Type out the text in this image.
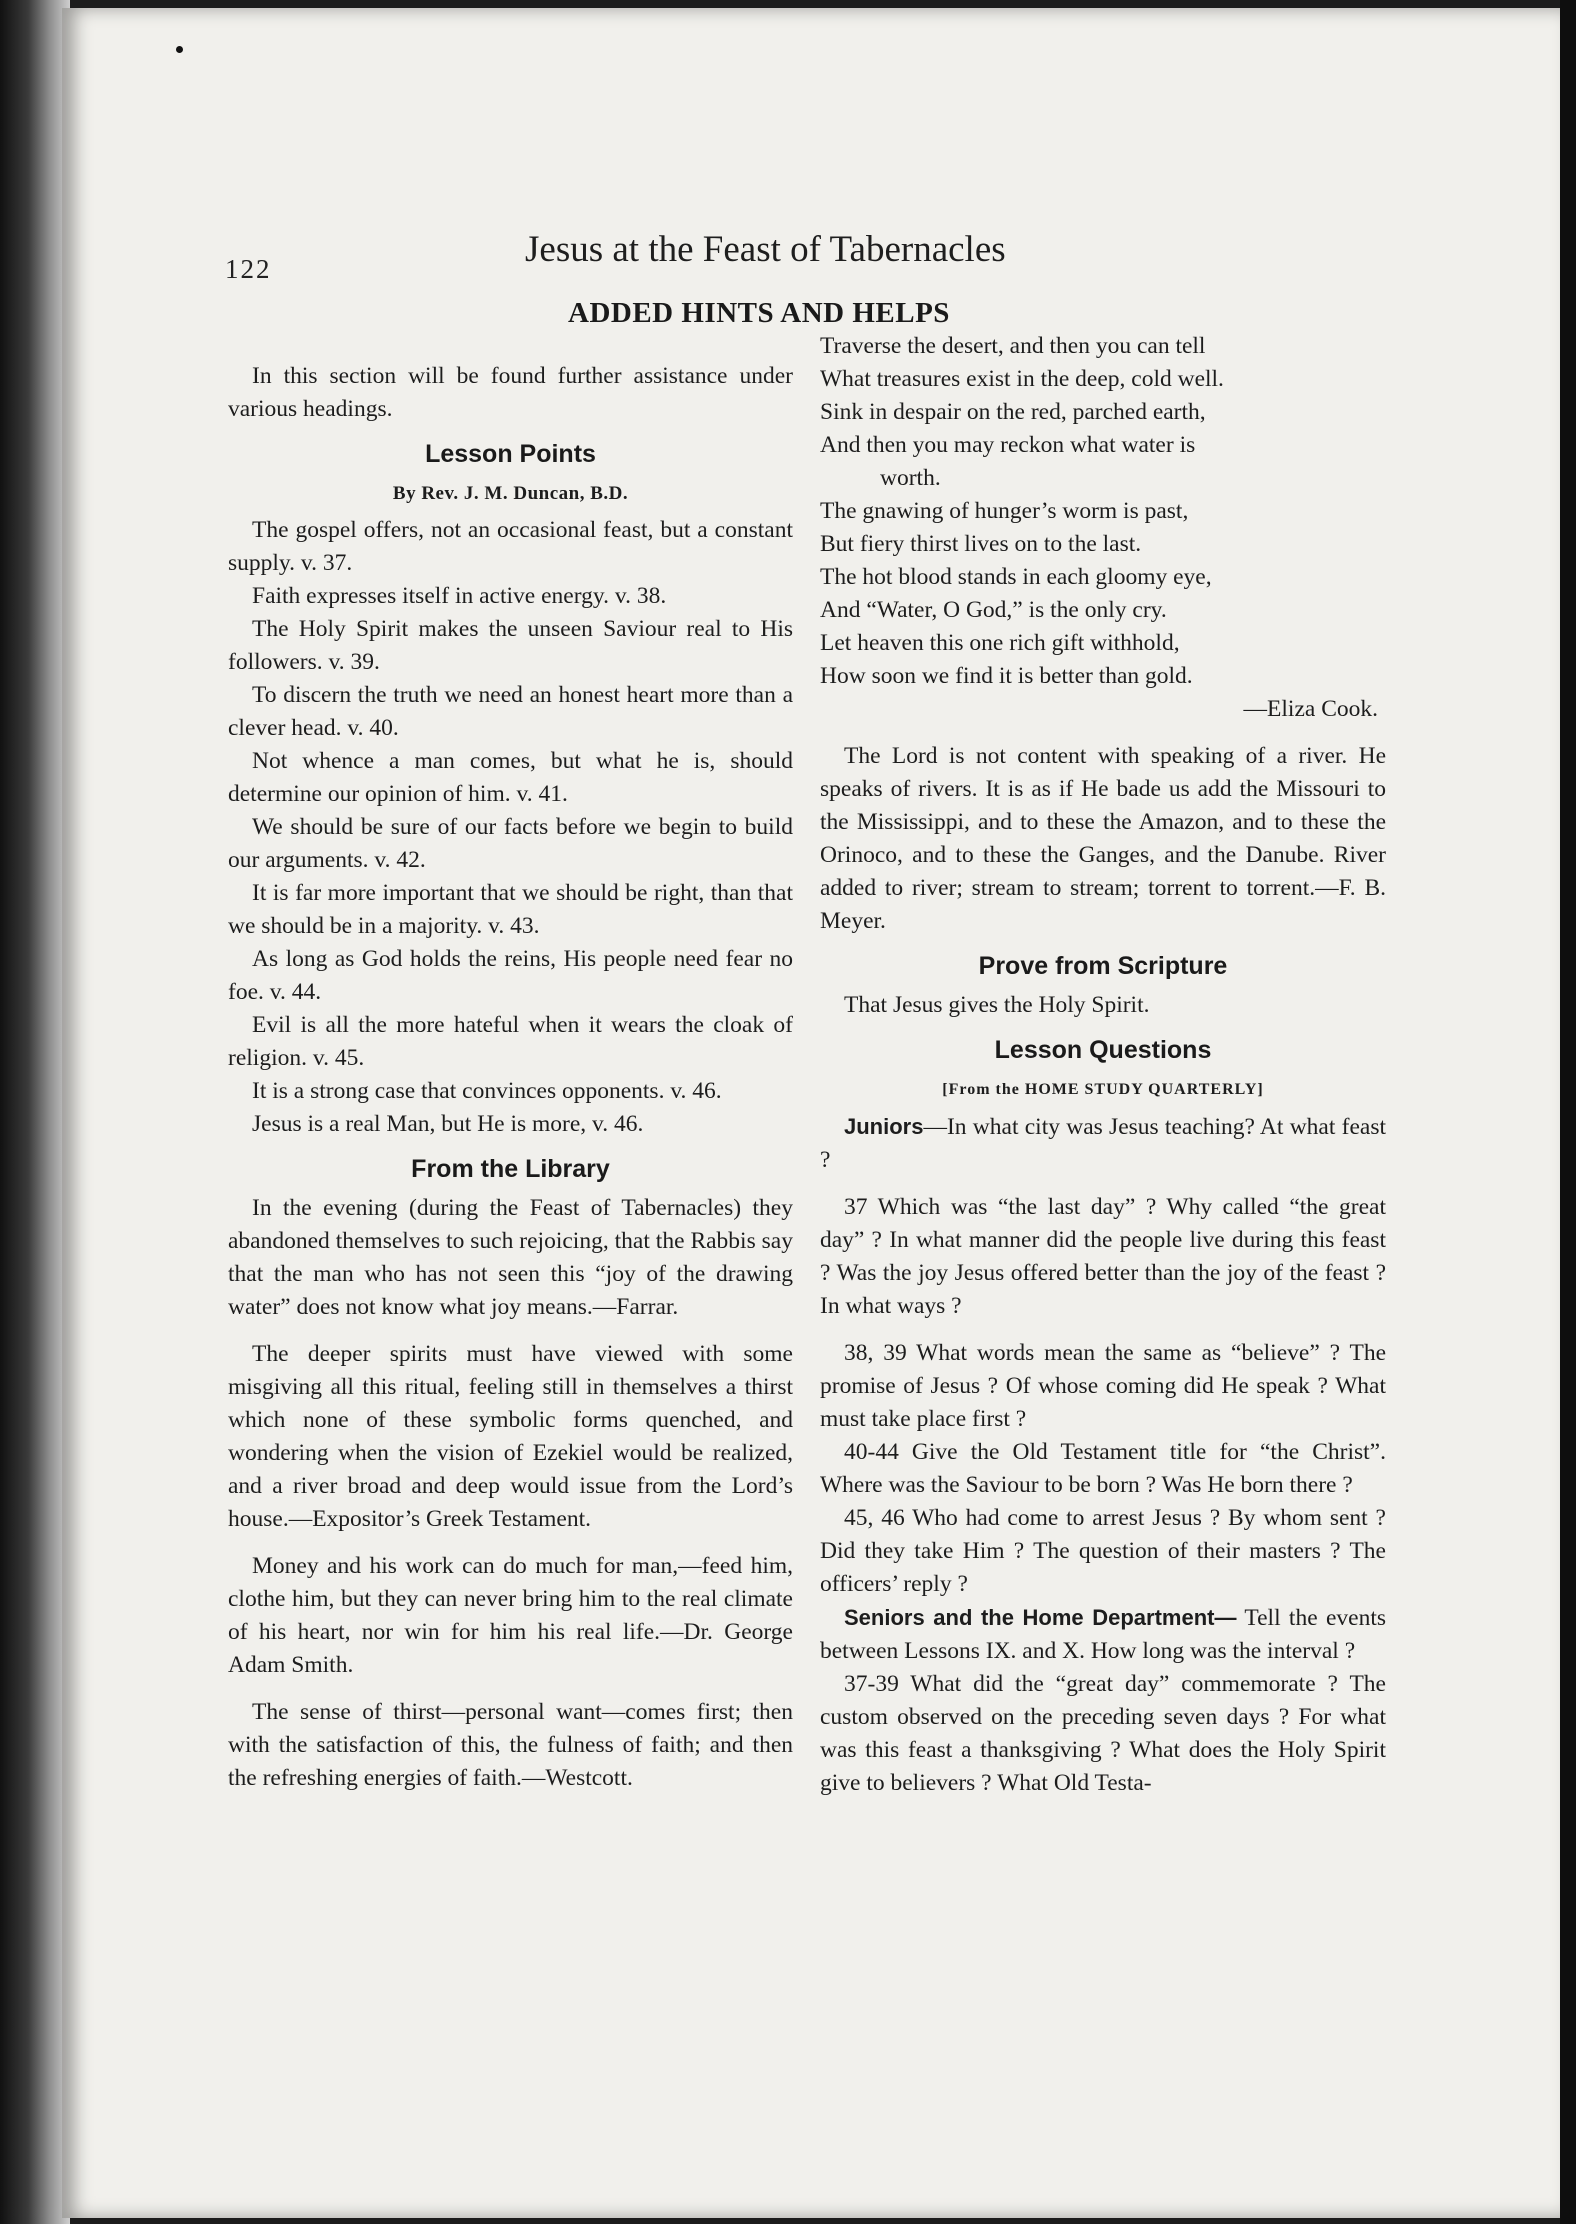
122	Jesus at the Feast of Tabernacles
ADDED HINTS AND HELPS

In this section will be found further assistance under various headings.

Lesson Points
By Rev. J. M. Duncan, B.D.

The gospel offers, not an occasional feast, but a constant supply. v. 37.

Faith expresses itself in active energy. v. 38.

The Holy Spirit makes the unseen Saviour real to His followers. v. 39.

To discern the truth we need an honest heart more than a clever head. v. 40.

Not whence a man comes, but what he is, should determine our opinion of him. v. 41.

We should be sure of our facts before we begin to build our arguments. v. 42.

It is far more important that we should be right, than that we should be in a majority. v. 43.

As long as God holds the reins, His people need fear no foe. v. 44.

Evil is all the more hateful when it wears the cloak of religion. v. 45.

It is a strong case that convinces opponents. v. 46.

Jesus is a real Man, but He is more, v. 46.

From the Library

In the evening (during the Feast of Tabernacles) they abandoned themselves to such rejoicing, that the Rabbis say that the man who has not seen this “joy of the drawing water” does not know what joy means.—Farrar.

The deeper spirits must have viewed with some misgiving all this ritual, feeling still in themselves a thirst which none of these symbolic forms quenched, and wondering when the vision of Ezekiel would be realized, and a river broad and deep would issue from the Lord’s house.—Expositor’s Greek Testament.

Money and his work can do much for man,—feed him, clothe him, but they can never bring him to the real climate of his heart, nor win for him his real life.—Dr. George Adam Smith.

The sense of thirst—personal want—comes first; then with the satisfaction of this, the fulness of faith; and then the refreshing energies of faith.—Westcott.

Traverse the desert, and then you can tell
What treasures exist in the deep, cold well.
Sink in despair on the red, parched earth,
And then you may reckon what water is
worth.
The gnawing of hunger’s worm is past,
But fiery thirst lives on to the last.
The hot blood stands in each gloomy eye,
And “Water, O God,” is the only cry.
Let heaven this one rich gift withhold,
How soon we find it is better than gold.
—Eliza Cook.

The Lord is not content with speaking of a river. He speaks of rivers. It is as if He bade us add the Missouri to the Mississippi, and to these the Amazon, and to these the Orinoco, and to these the Ganges, and the Danube. River added to river; stream to stream; torrent to torrent.—F. B. Meyer.

Prove from Scripture

That Jesus gives the Holy Spirit.

Lesson Questions
[From the HOME STUDY QUARTERLY]

Juniors—In what city was Jesus teaching? At what feast ?

37 Which was “the last day” ? Why called “the great day” ? In what manner did the people live during this feast ? Was the joy Jesus offered better than the joy of the feast ? In what ways ?

38, 39 What words mean the same as “believe” ? The promise of Jesus ? Of whose coming did He speak ? What must take place first ?

40-44 Give the Old Testament title for “the Christ”. Where was the Saviour to be born ? Was He born there ?

45, 46 Who had come to arrest Jesus ? By whom sent ? Did they take Him ? The question of their masters ? The officers’ reply ?

Seniors and the Home Department— Tell the events between Lessons IX. and X. How long was the interval ?

37-39 What did the “great day” commemorate ? The custom observed on the preceding seven days ? For what was this feast a thanksgiving ? What does the Holy Spirit give to believers ? What Old Testa-
